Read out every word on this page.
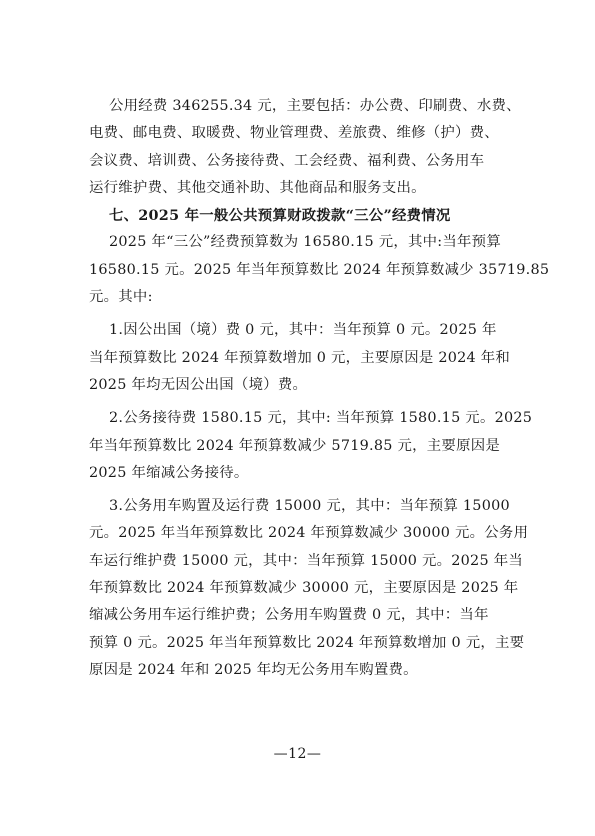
公用经费 346255.34 元，主要包括：办公费、印刷费、水费、
电费、邮电费、取暖费、物业管理费、差旅费、维修（护）费、
会议费、培训费、公务接待费、工会经费、福利费、公务用车
运行维护费、其他交通补助、其他商品和服务支出。
七、2025 年一般公共预算财政拨款“三公”经费情况
2025 年“三公”经费预算数为 16580.15 元，其中:当年预算
16580.15 元。2025 年当年预算数比 2024 年预算数减少 35719.85
元。其中:
1.因公出国（境）费 0 元，其中：当年预算 0 元。2025 年
当年预算数比 2024 年预算数增加 0 元，主要原因是 2024 年和
2025 年均无因公出国（境）费。
2.公务接待费 1580.15 元，其中: 当年预算 1580.15 元。2025
年当年预算数比 2024 年预算数减少 5719.85 元，主要原因是
2025 年缩减公务接待。
3.公务用车购置及运行费 15000 元，其中：当年预算 15000
元。2025 年当年预算数比 2024 年预算数减少 30000 元。公务用
车运行维护费 15000 元，其中：当年预算 15000 元。2025 年当
年预算数比 2024 年预算数减少 30000 元，主要原因是 2025 年
缩减公务用车运行维护费；公务用车购置费 0 元，其中：当年
预算 0 元。2025 年当年预算数比 2024 年预算数增加 0 元，主要
原因是 2024 年和 2025 年均无公务用车购置费。
—12—
